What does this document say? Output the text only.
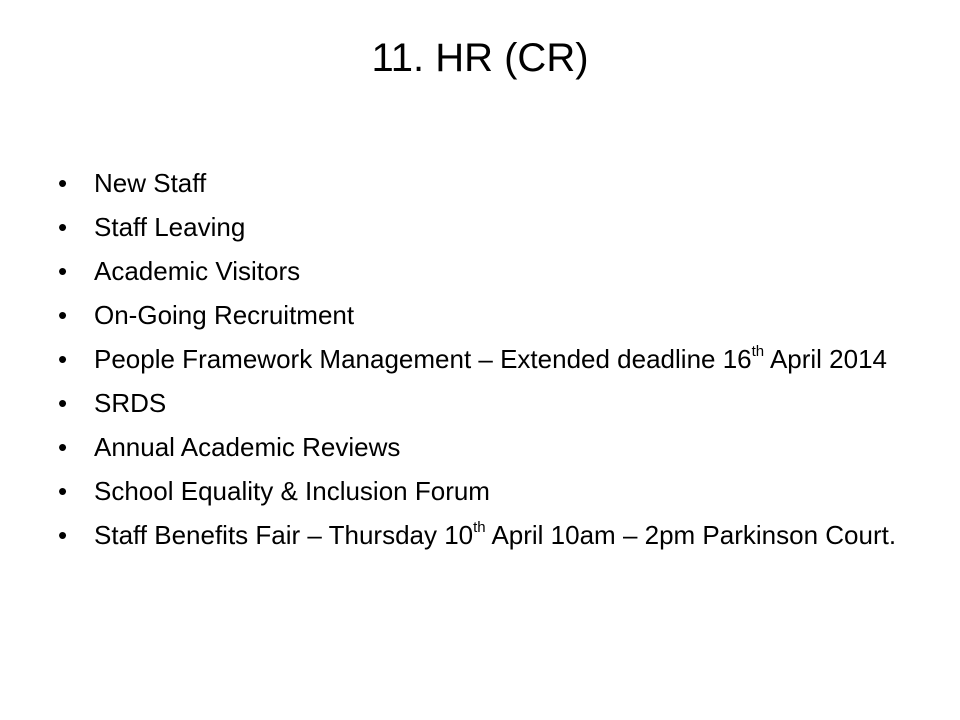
11. HR (CR)
•	New Staff
•	Staff Leaving
•	Academic Visitors
•	On-Going Recruitment
•	People Framework Management – Extended deadline 16th April 2014
•	SRDS
•	Annual Academic Reviews
•	School Equality & Inclusion Forum
•	Staff Benefits Fair – Thursday 10th April 10am – 2pm Parkinson Court.
